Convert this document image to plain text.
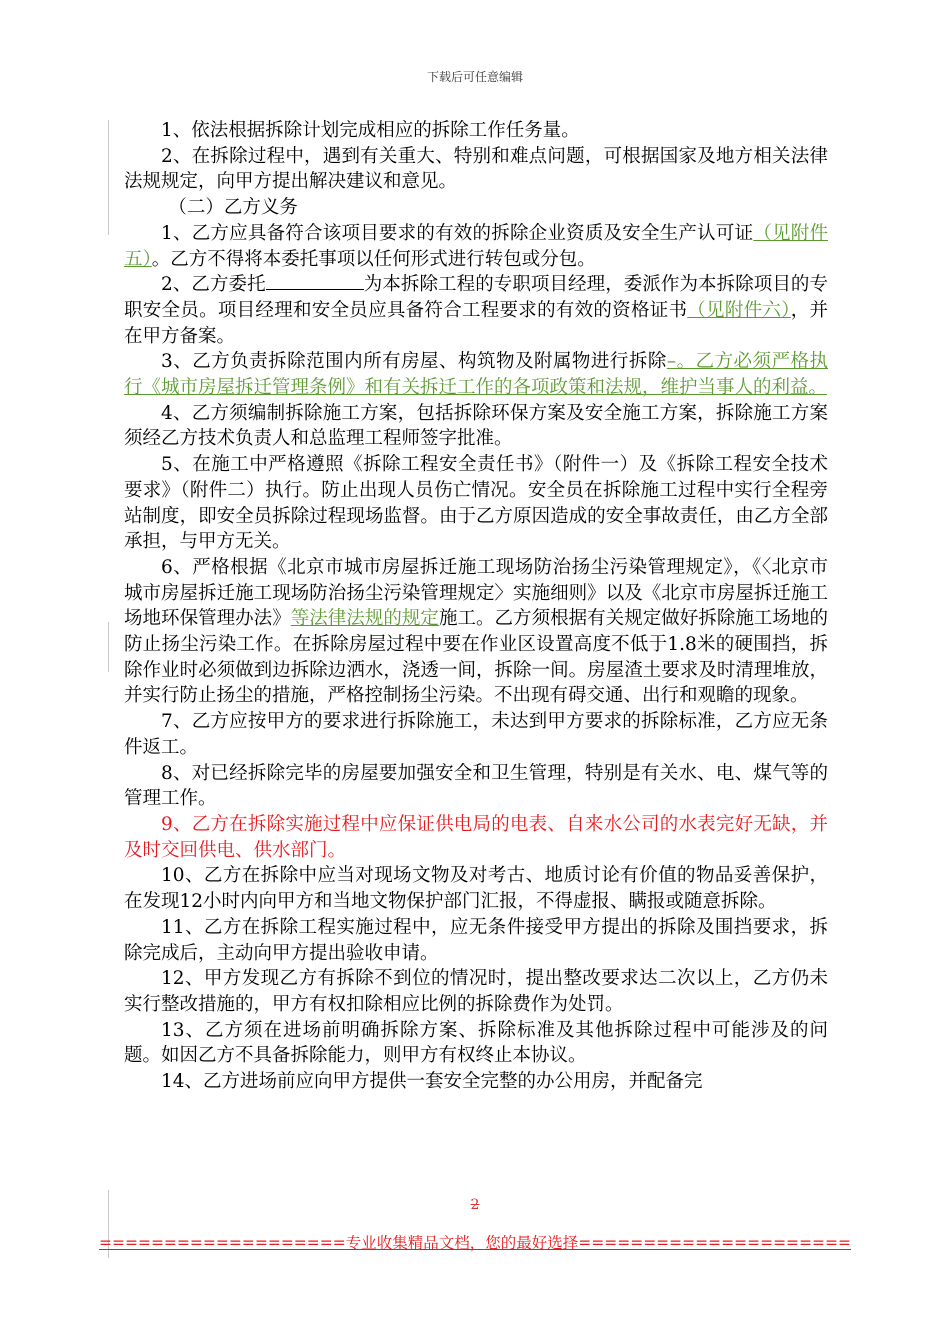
下载后可任意编辑

1、依法根据拆除计划完成相应的拆除工作任务量。

2、在拆除过程中，遇到有关重大、特别和难点问题，可根据国家及地方相关法律法规规定，向甲方提出解决建议和意见。

（二）乙方义务

1、乙方应具备符合该项目要求的有效的拆除企业资质及安全生产认可证（见附件五）。乙方不得将本委托事项以任何形式进行转包或分包。

2、乙方委托	为本拆除工程的专职项目经理，委派作为本拆除项目的专职安全员。项目经理和安全员应具备符合工程要求的有效的资格证书（见附件六），并在甲方备案。

3、乙方负责拆除范围内所有房屋、构筑物及附属物进行拆除–。乙方必须严格执行《城市房屋拆迁管理条例》和有关拆迁工作的各项政策和法规，维护当事人的利益。

4、乙方须编制拆除施工方案，包括拆除环保方案及安全施工方案，拆除施工方案须经乙方技术负责人和总监理工程师签字批准。

5、在施工中严格遵照《拆除工程安全责任书》（附件一）及《拆除工程安全技术要求》（附件二）执行。防止出现人员伤亡情况。安全员在拆除施工过程中实行全程旁站制度，即安全员拆除过程现场监督。由于乙方原因造成的安全事故责任，由乙方全部承担，与甲方无关。

6、严格根据《北京市城市房屋拆迁施工现场防治扬尘污染管理规定》，《〈北京市城市房屋拆迁施工现场防治扬尘污染管理规定〉实施细则》以及《北京市房屋拆迁施工场地环保管理办法》等法律法规的规定施工。乙方须根据有关规定做好拆除施工场地的防止扬尘污染工作。在拆除房屋过程中要在作业区设置高度不低于1.8米的硬围挡，拆除作业时必须做到边拆除边洒水，浇透一间，拆除一间。房屋渣土要求及时清理堆放，并实行防止扬尘的措施，严格控制扬尘污染。不出现有碍交通、出行和观瞻的现象。

7、乙方应按甲方的要求进行拆除施工，未达到甲方要求的拆除标准，乙方应无条件返工。

8、对已经拆除完毕的房屋要加强安全和卫生管理，特别是有关水、电、煤气等的管理工作。

9、乙方在拆除实施过程中应保证供电局的电表、自来水公司的水表完好无缺，并及时交回供电、供水部门。

10、乙方在拆除中应当对现场文物及对考古、地质讨论有价值的物品妥善保护，在发现12小时内向甲方和当地文物保护部门汇报，不得虚报、瞒报或随意拆除。

11、乙方在拆除工程实施过程中，应无条件接受甲方提出的拆除及围挡要求，拆除完成后，主动向甲方提出验收申请。

12、甲方发现乙方有拆除不到位的情况时，提出整改要求达二次以上，乙方仍未实行整改措施的，甲方有权扣除相应比例的拆除费作为处罚。

13、乙方须在进场前明确拆除方案、拆除标准及其他拆除过程中可能涉及的问题。如因乙方不具备拆除能力，则甲方有权终止本协议。

14、乙方进场前应向甲方提供一套安全完整的办公用房，并配备完

2
===================专业收集精品文档，您的最好选择=====================
